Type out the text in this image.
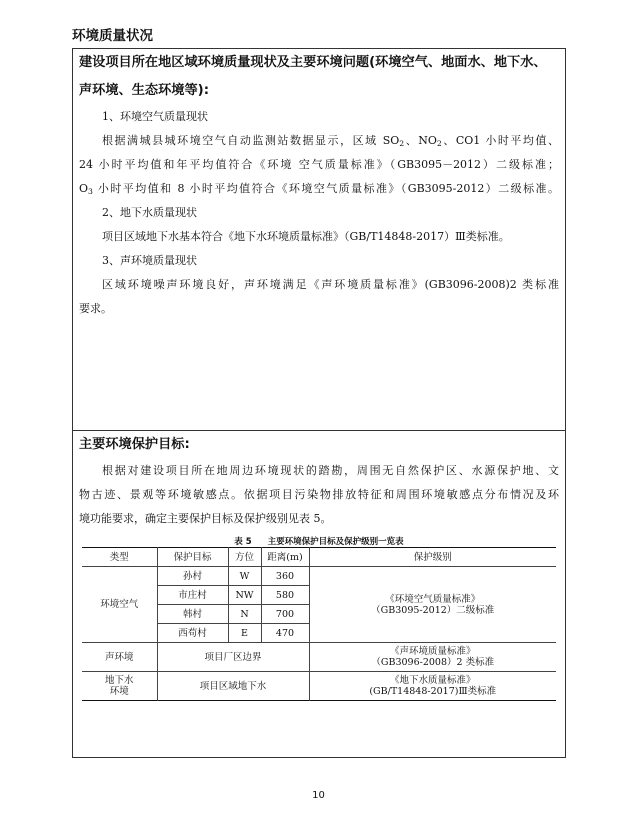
环境质量状况
建设项目所在地区域环境质量现状及主要环境问题(环境空气、地面水、地下水、声环境、生态环境等):
1、环境空气质量现状
根据满城县城环境空气自动监测站数据显示，区域 $SO_2$、$NO_2$、CO1 小时平均值、
24 小时平均值和年平均值符合《环境 空气质量标准》（GB3095－2012）二级标准；
$O_3$ 小时平均值和 8 小时平均值符合《环境空气质量标准》（GB3095-2012）二级标准。
2、地下水质量现状
项目区域地下水基本符合《地下水环境质量标准》（GB/T14848-2017）Ⅲ类标准。
3、声环境质量现状
区域环境噪声环境良好，声环境满足《声环境质量标准》(GB3096-2008)2 类标准
要求。
主要环境保护目标:
根据对建设项目所在地周边环境现状的踏勘，周围无自然保护区、水源保护地、文
物古迹、景观等环境敏感点。依据项目污染物排放特征和周围环境敏感点分布情况及环
境功能要求，确定主要保护目标及保护级别见表 5。
表 5 主要环境保护目标及保护级别一览表
类型	保护目标	方位	距离(m)	保护级别
环境空气	孙村	W	360	《环境空气质量标准》
（GB3095-2012）二级标准
	市庄村	NW	580	
	韩村	N	700	
	西苟村	E	470	
声环境	项目厂区边界			《声环境质量标准》
（GB3096-2008）2 类标准
地下水
环境	项目区域地下水			《地下水质量标准》
(GB/T14848-2017)Ⅲ类标准
10
